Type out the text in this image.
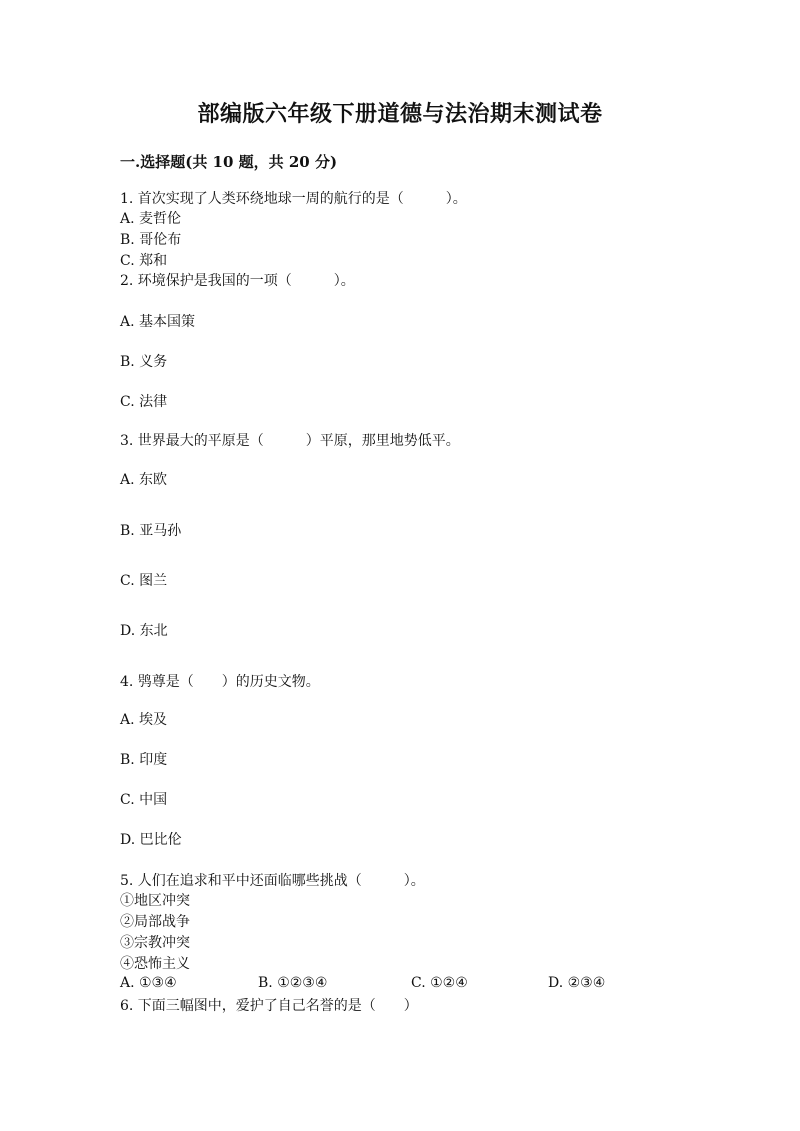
部编版六年级下册道德与法治期末测试卷
一.选择题(共 10 题，共 20 分)
1. 首次实现了人类环绕地球一周的航行的是（　　　）。
A. 麦哲伦
B. 哥伦布
C. 郑和
2. 环境保护是我国的一项（　　　）。
A. 基本国策
B. 义务
C. 法律
3. 世界最大的平原是（　　　）平原，那里地势低平。
A. 东欧
B. 亚马孙
C. 图兰
D. 东北
4. 鸮尊是（　　）的历史文物。
A. 埃及
B. 印度
C. 中国
D. 巴比伦
5. 人们在追求和平中还面临哪些挑战（　　　）。
①地区冲突
②局部战争
③宗教冲突
④恐怖主义
A. ①③④	B. ①②③④	C. ①②④	D. ②③④
6. 下面三幅图中，爱护了自己名誉的是（　　）
